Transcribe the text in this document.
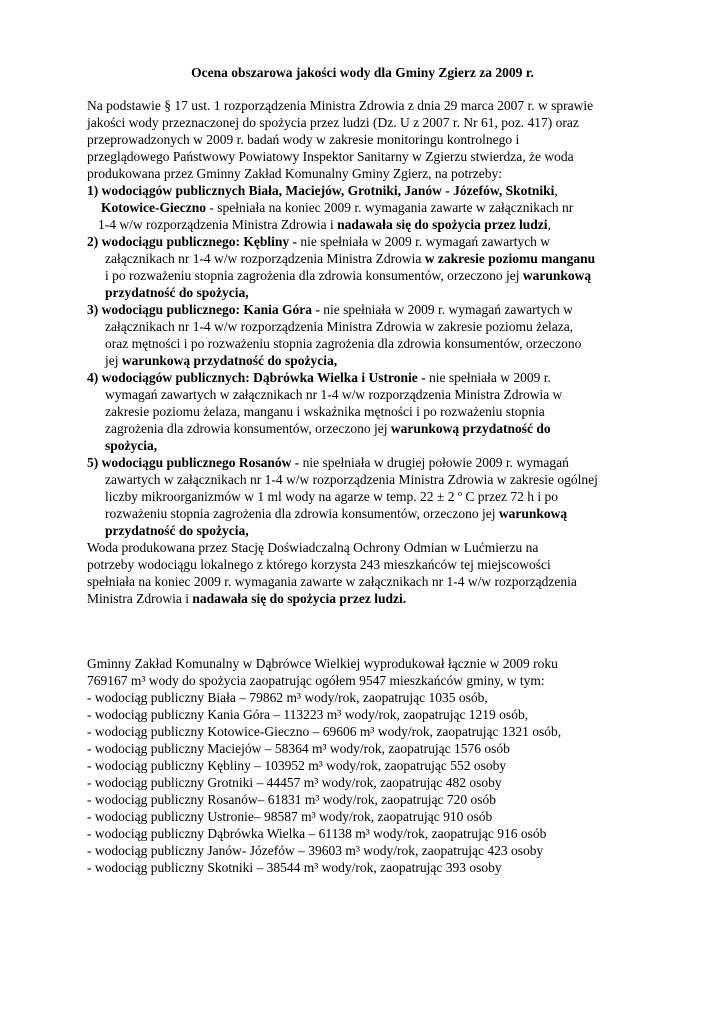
Ocena obszarowa jakości wody dla Gminy Zgierz za 2009 r.
Na podstawie § 17 ust. 1 rozporządzenia Ministra Zdrowia z dnia 29 marca 2007 r. w sprawie
jakości wody przeznaczonej do spożycia przez ludzi (Dz. U z 2007 r. Nr 61, poz. 417) oraz
przeprowadzonych w 2009 r. badań wody w zakresie monitoringu kontrolnego i
przeglądowego Państwowy Powiatowy Inspektor Sanitarny w Zgierzu stwierdza, że woda
produkowana przez Gminny Zakład Komunalny Gminy Zgierz, na potrzeby:
1) wodociągów publicznych Biała, Maciejów, Grotniki, Janów - Józefów, Skotniki,
Kotowice-Gieczno - spełniała na koniec 2009 r. wymagania zawarte w załącznikach nr
1-4 w/w rozporządzenia Ministra Zdrowia i nadawała się do spożycia przez ludzi,
2) wodociągu publicznego: Kębliny - nie spełniała w 2009 r. wymagań zawartych w
załącznikach nr 1-4 w/w rozporządzenia Ministra Zdrowia w zakresie poziomu manganu
i po rozważeniu stopnia zagrożenia dla zdrowia konsumentów, orzeczono jej warunkową
przydatność do spożycia,
3) wodociągu publicznego: Kania Góra - nie spełniała w 2009 r. wymagań zawartych w
załącznikach nr 1-4 w/w rozporządzenia Ministra Zdrowia w zakresie poziomu żelaza,
oraz mętności i po rozważeniu stopnia zagrożenia dla zdrowia konsumentów, orzeczono
jej warunkową przydatność do spożycia,
4) wodociągów publicznych: Dąbrówka Wielka i Ustronie - nie spełniała w 2009 r.
wymagań zawartych w załącznikach nr 1-4 w/w rozporządzenia Ministra Zdrowia w
zakresie poziomu żelaza, manganu i wskaźnika mętności i po rozważeniu stopnia
zagrożenia dla zdrowia konsumentów, orzeczono jej warunkową przydatność do
spożycia,
5) wodociągu publicznego Rosanów - nie spełniała w drugiej połowie 2009 r. wymagań
zawartych w załącznikach nr 1-4 w/w rozporządzenia Ministra Zdrowia w zakresie ogólnej
liczby mikroorganizmów w 1 ml wody na agarze w temp. 22 ± 2 º C przez 72 h i po
rozważeniu stopnia zagrożenia dla zdrowia konsumentów, orzeczono jej warunkową
przydatność do spożycia,
Woda produkowana przez Stację Doświadczalną Ochrony Odmian w Lućmierzu na
potrzeby wodociągu lokalnego z którego korzysta 243 mieszkańców tej miejscowości
spełniała na koniec 2009 r. wymagania zawarte w załącznikach nr 1-4 w/w rozporządzenia
Ministra Zdrowia i nadawała się do spożycia przez ludzi.
Gminny Zakład Komunalny w Dąbrówce Wielkiej wyprodukował łącznie w 2009 roku
769167 m³ wody do spożycia zaopatrując ogółem 9547 mieszkańców gminy, w tym:
- wodociąg publiczny Biała – 79862 m³ wody/rok, zaopatrując 1035 osób,
- wodociąg publiczny Kania Góra – 113223 m³ wody/rok, zaopatrując 1219 osób,
- wodociąg publiczny Kotowice-Gieczno – 69606 m³ wody/rok, zaopatrując 1321 osób,
- wodociąg publiczny Maciejów – 58364 m³ wody/rok, zaopatrując 1576 osób
- wodociąg publiczny Kębliny – 103952 m³ wody/rok, zaopatrując 552 osoby
- wodociąg publiczny Grotniki – 44457 m³ wody/rok, zaopatrując 482 osoby
- wodociąg publiczny Rosanów– 61831 m³ wody/rok, zaopatrując 720 osób
- wodociąg publiczny Ustronie– 98587 m³ wody/rok, zaopatrując 910 osób
- wodociąg publiczny Dąbrówka Wielka – 61138 m³ wody/rok, zaopatrując 916 osób
- wodociąg publiczny Janów- Józefów – 39603 m³ wody/rok, zaopatrując 423 osoby
- wodociąg publiczny Skotniki – 38544 m³ wody/rok, zaopatrując 393 osoby
